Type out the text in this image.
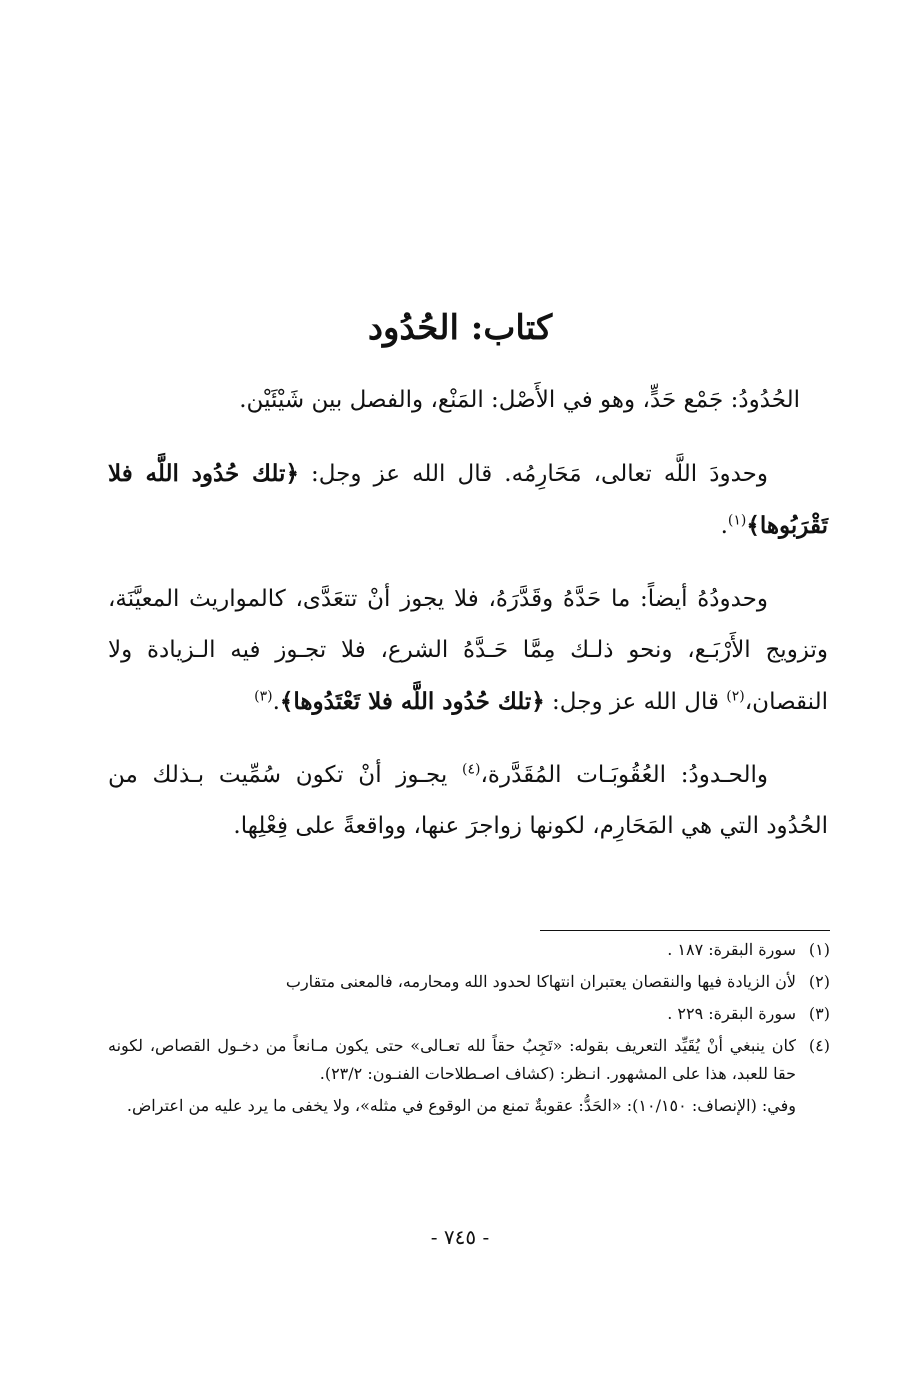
كتاب: الحُدُود

الحُدُودُ: جَمْع حَدٍّ، وهو في الأَصْل: المَنْع، والفصل بين شَيْئَيْن.

وحدودَ اللَّه تعالى، مَحَارِمُه. قال الله عز وجل: ﴿تلك حُدُود اللَّه فلا تَقْرَبُوها﴾$^{(١)}$.

وحدودُهُ أيضاً: ما حَدَّهُ وقَدَّرَهُ، فلا يجوز أنْ تتعَدَّى، كالمواريث المعيَّنَة، وتزويج الأَرْبَـع، ونحو ذلـك مِمَّا حَـدَّهُ الشرع، فلا تجـوز فيه الـزيادة ولا النقصان،$^{(٢)}$ قال الله عز وجل: ﴿تلك حُدُود اللَّه فلا تَعْتَدُوها﴾.$^{(٣)}$

والحـدودُ: العُقُوبَـات المُقَدَّرة،$^{(٤)}$ يجـوز أنْ تكون سُمِّيت بـذلك من الحُدُود التي هي المَحَارِم، لكونها زواجرَ عنها، وواقعةً على فِعْلِها.

(١)
سورة البقرة: ١٨٧ .
(٢)
لأن الزيادة فيها والنقصان يعتبران انتهاكا لحدود الله ومحارمه، فالمعنى متقارب
(٣)
سورة البقرة: ٢٢٩ .
(٤)
كان ينبغي أنْ يُقَيِّد التعريف بقوله: «تَجِبُ حقاً لله تعـالى» حتى يكون مـانعاً من دخـول القصاص، لكونه حقا للعبد، هذا على المشهور. انـظر: (كشاف اصـطلاحات الفنـون: ٢٣/٢).
وفي: (الإنصاف: ١٠/١٥٠): «الحَدُّ: عقوبةٌ تمنع من الوقوع في مثله»، ولا يخفى ما يرد عليه من اعتراض.
- ٧٤٥ -
